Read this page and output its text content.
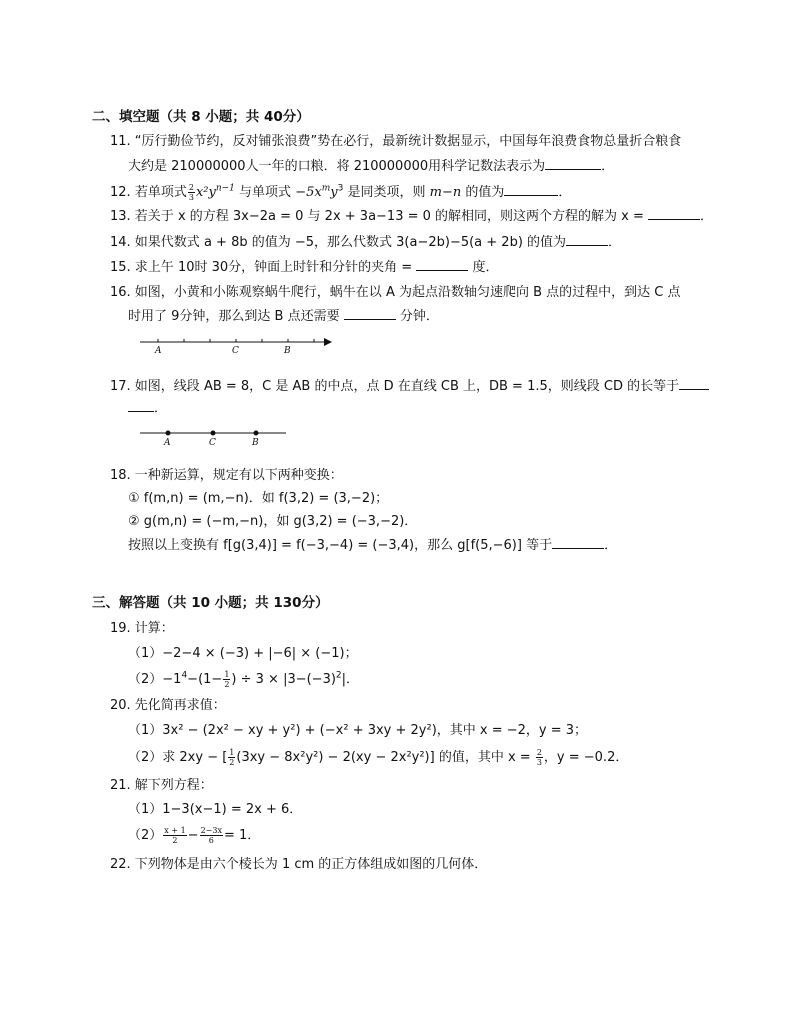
二、填空题（共 8 小题；共 40分）
11. “厉行勤俭节约，反对铺张浪费”势在必行，最新统计数据显示，中国每年浪费食物总量折合粮食
大约是 210000000人一年的口粮．将 210000000用科学记数法表示为	．
12. 若单项式 $\frac{2}{3} x^2y^{n-1}$ 与单项式 $-5x^my^3$ 是同类项，则 m−n 的值为	．
13. 若关于 x 的方程 3x−2a = 0 与 2x + 3a−13 = 0 的解相同，则这两个方程的解为 x =	．
14. 如果代数式 a + 8b 的值为 −5，那么代数式 3(a−2b)−5(a + 2b) 的值为	．
15. 求上午 10时 30分，钟面上时针和分针的夹角 =	度．
16. 如图，小黄和小陈观察蜗牛爬行，蜗牛在以 A 为起点沿数轴匀速爬向 B 点的过程中，到达 C 点
时用了 9分钟，那么到达 B 点还需要	分钟．
A	C	B
17. 如图，线段 AB = 8，C 是 AB 的中点，点 D 在直线 CB 上，DB = 1.5，则线段 CD 的长等于
．
A	C	B
18. 一种新运算，规定有以下两种变换：
① f(m,n) = (m,−n)．如 f(3,2) = (3,−2)；
② g(m,n) = (−m,−n)，如 g(3,2) = (−3,−2)．
按照以上变换有 f[g(3,4)] = f(−3,−4) = (−3,4)，那么 g[f(5,−6)] 等于	．
三、解答题（共 10 小题；共 130分）
19. 计算：
（1）−2−4 × (−3) + |−6| × (−1)；
$(2)-1^4-(1- \frac{1}{2}$ ) ÷ $3 \times |3-(-3)^2|$．
20. 先化简再求值：
（1）3x² − (2x² − xy + y²) + (−x² + 3xy + 2y²)，其中 x = −2，y = 3；
（2）求 2xy − [ $\frac{1}{2} (3xy - 8x^2y^2) - 2(xy - 2x^2y^2)$] 的值，其中 $x = \frac{2}{3}$ ，y = −0.2．
21. 解下列方程：
（1）1−3(x−1) = 2x + 6．
$(2) \frac{x + 1}{2} - \frac{2-3x}{6} = 1$．
22. 下列物体是由六个棱长为 1 cm 的正方体组成如图的几何体．
